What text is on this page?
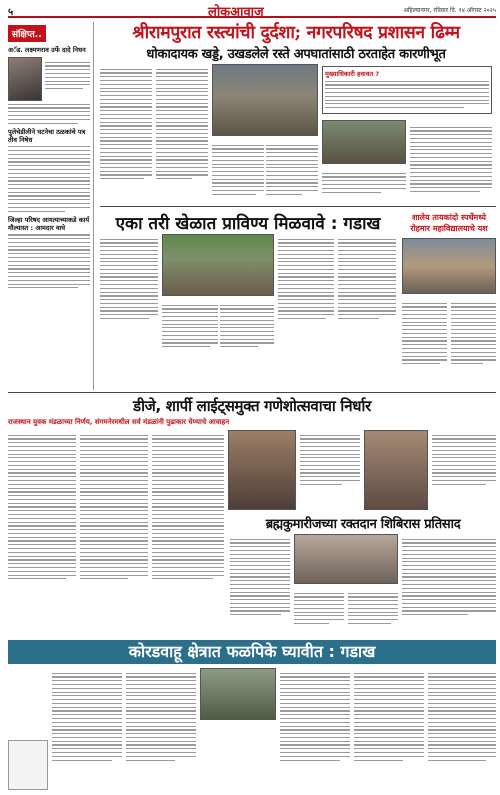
५	लोकआवाज	अहिल्यानगर, रविवार दि. १४ ऑगस्ट २०२५
संक्षिप्त..
अॅड. लक्ष्मणराव उर्फे दादे निधन
पुलेचेडीलीने घटनेचा ठळकांचे पत्र तीव निषेध
जिल्हा परिषद आयत्याच्याकडे कार्य मौल्यास्त : आमदार वाघे
श्रीरामपुरात रस्त्यांची दुर्दशा; नगरपरिषद प्रशासन ढिम्म
धोकादायक खड्डे, उखडलेले रस्ते अपघातांसाठी ठरताहेत कारणीभूत
मुख्याधिकारी हवावत ?
एका तरी खेळात प्राविण्य मिळवावे : गडाख	शालेय तायकांदो स्पर्धेमध्ये रोहमार महाविद्यालयाचे यश
डीजे, शार्पी लाईट्समुक्त गणेशोत्सवाचा निर्धार
राजस्थान युवक मंडळाच्या निर्णय, संगमनेरमधील सर्व मंडळांनी पुढाकार घेण्याचे आवाहन
ब्रह्मकुमारीजच्या रक्तदान शिबिरास प्रतिसाद
कोरडवाहू क्षेत्रात फळपिके घ्यावीत : गडाख
